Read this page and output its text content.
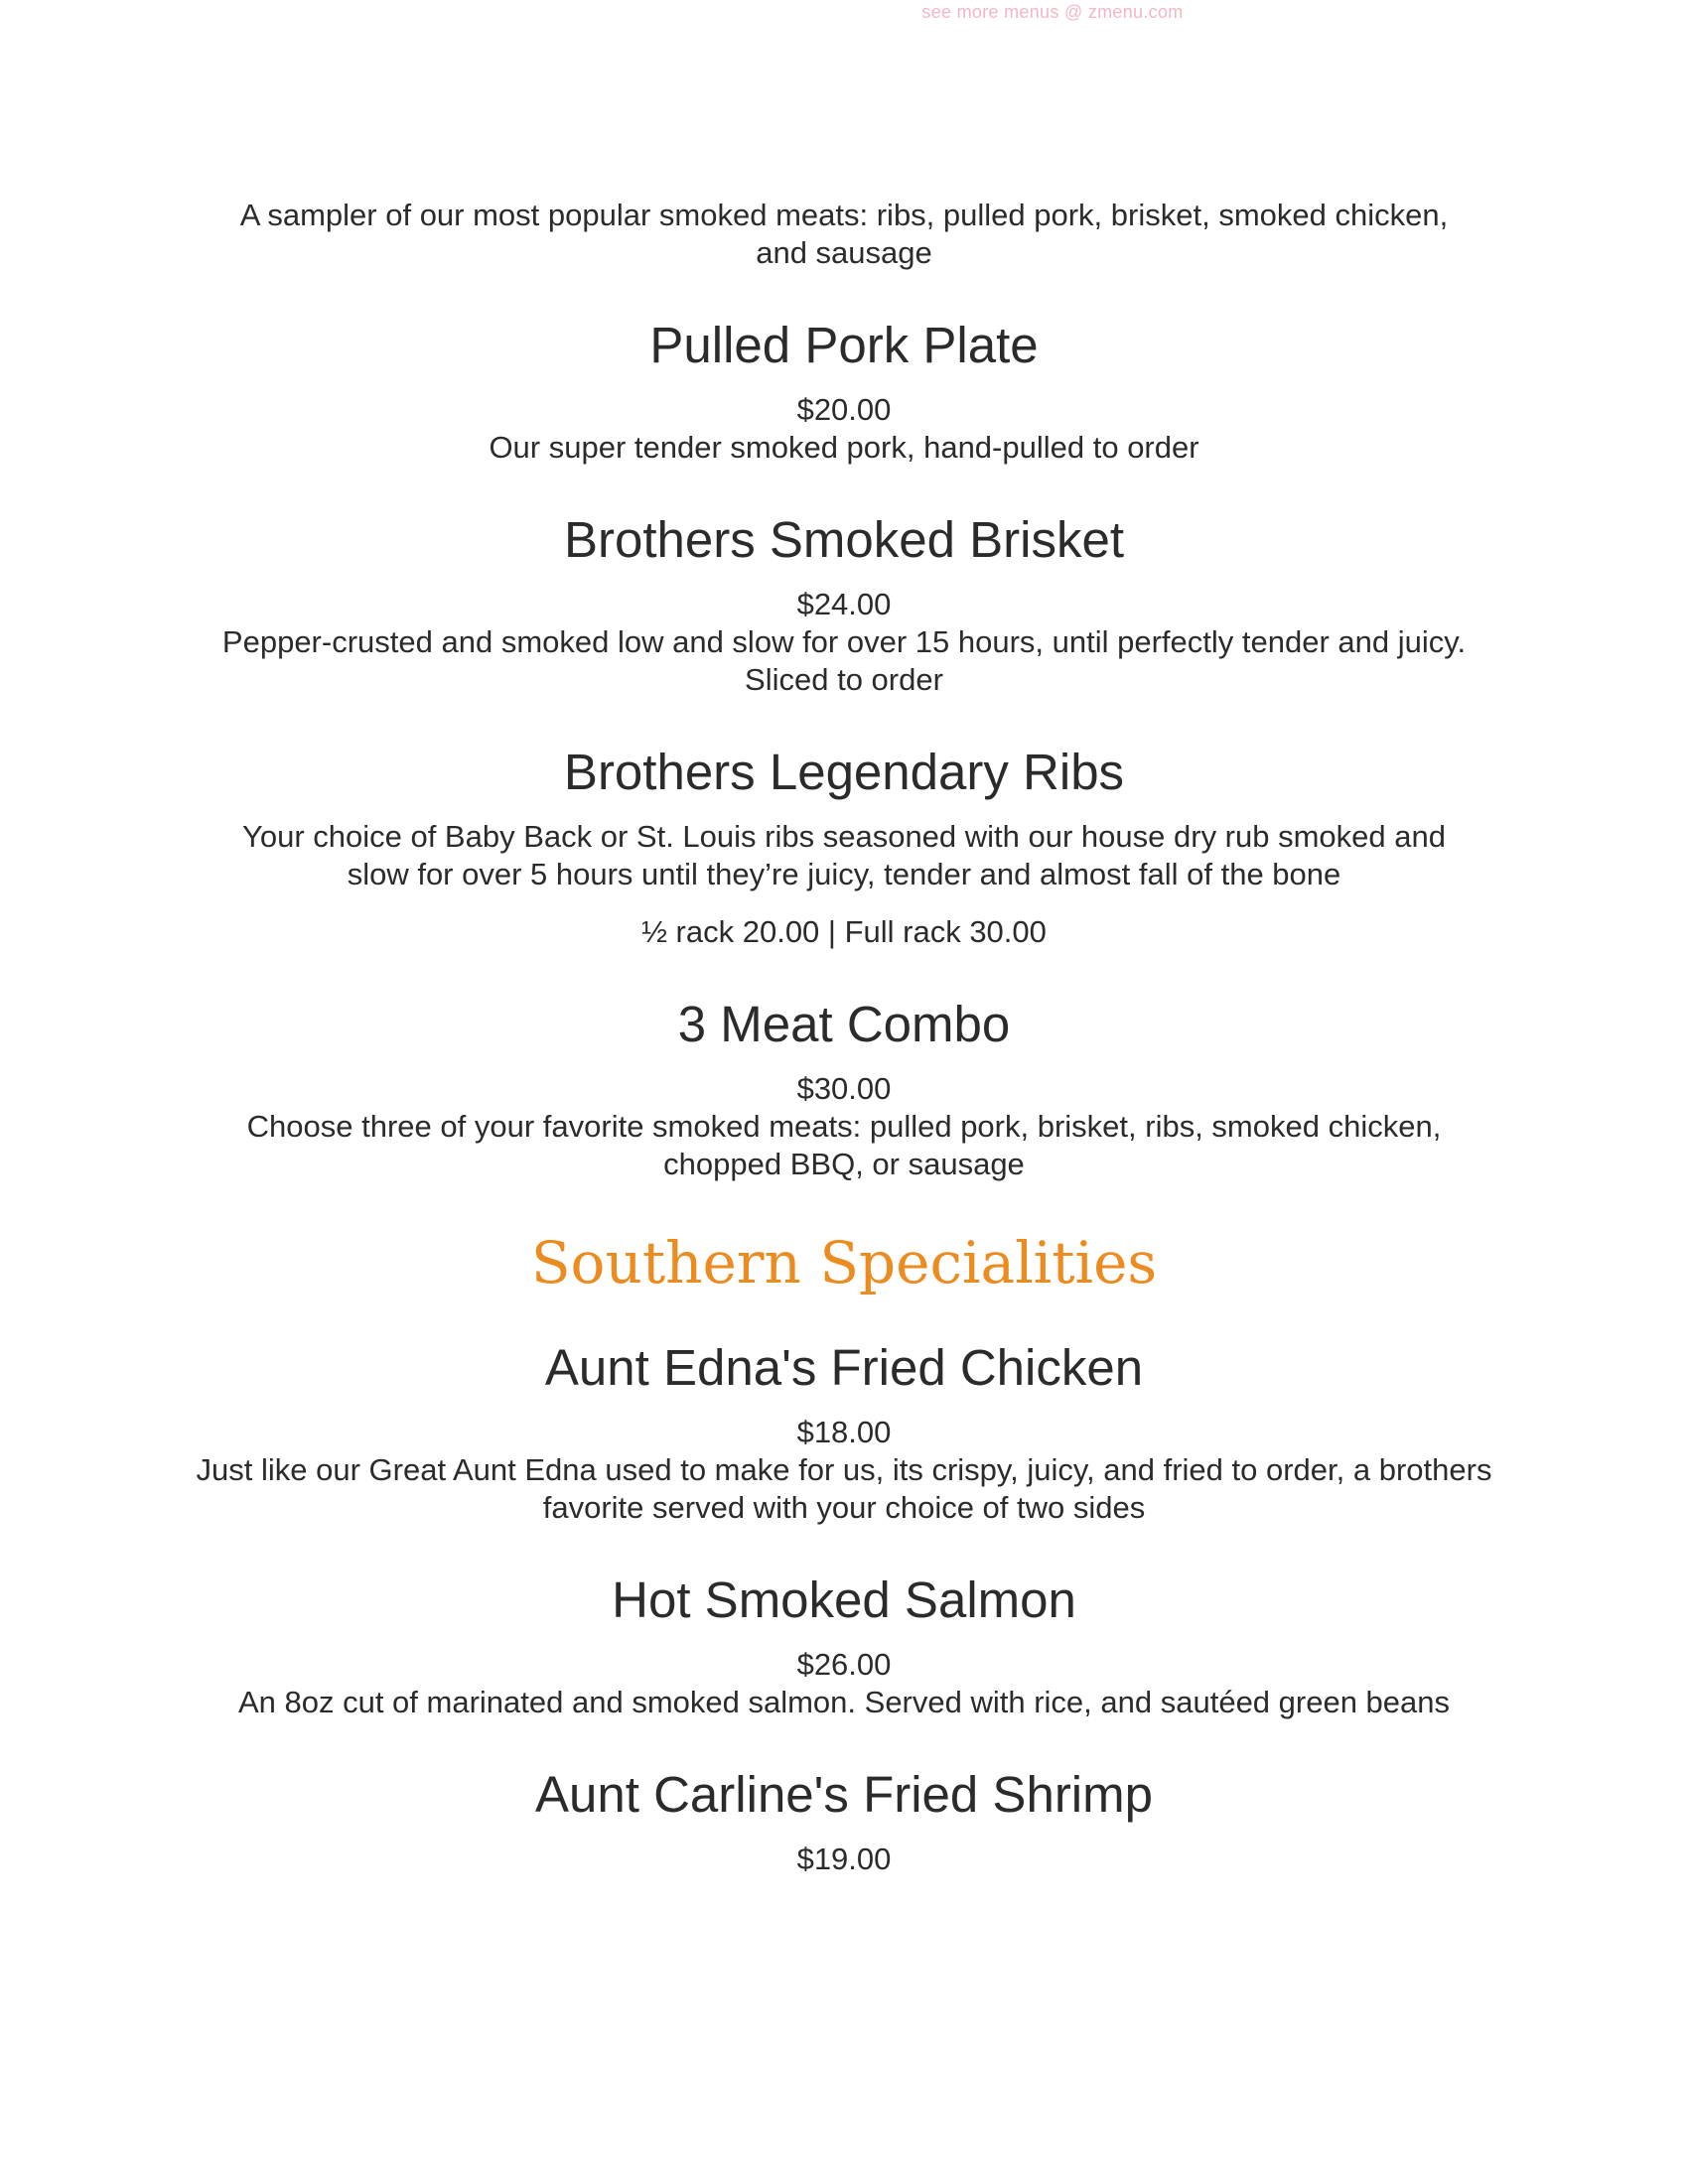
see more menus @ zmenu.com

A sampler of our most popular smoked meats: ribs, pulled pork, brisket, smoked chicken, and sausage

Pulled Pork Plate

$20.00

Our super tender smoked pork, hand-pulled to order

Brothers Smoked Brisket

$24.00

Pepper-crusted and smoked low and slow for over 15 hours, until perfectly tender and juicy. Sliced to order

Brothers Legendary Ribs

Your choice of Baby Back or St. Louis ribs seasoned with our house dry rub smoked and slow for over 5 hours until they’re juicy, tender and almost fall of the bone

½ rack 20.00 | Full rack 30.00

3 Meat Combo

$30.00

Choose three of your favorite smoked meats: pulled pork, brisket, ribs, smoked chicken, chopped BBQ, or sausage

Southern Specialities
Aunt Edna's Fried Chicken

$18.00

Just like our Great Aunt Edna used to make for us, its crispy, juicy, and fried to order, a brothers favorite served with your choice of two sides

Hot Smoked Salmon

$26.00

An 8oz cut of marinated and smoked salmon. Served with rice, and sautéed green beans

Aunt Carline's Fried Shrimp

$19.00
